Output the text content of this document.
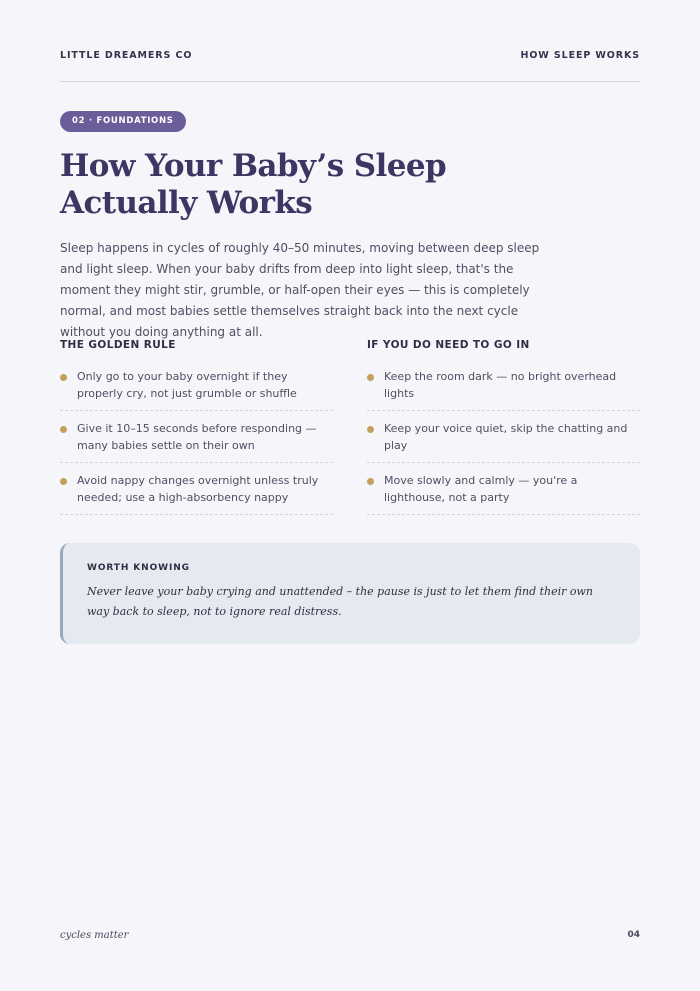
LITTLE DREAMERS CO	HOW SLEEP WORKS
02 · FOUNDATIONS
How Your Baby’s Sleep Actually Works

Sleep happens in cycles of roughly 40–50 minutes, moving between deep sleep and light sleep. When your baby drifts from deep into light sleep, that's the moment they might stir, grumble, or half-open their eyes — this is completely normal, and most babies settle themselves straight back into the next cycle without you doing anything at all.

THE GOLDEN RULE
Only go to your baby overnight if they properly cry, not just grumble or shuffle
Give it 10–15 seconds before responding — many babies settle on their own
Avoid nappy changes overnight unless truly needed; use a high-absorbency nappy
IF YOU DO NEED TO GO IN
Keep the room dark — no bright overhead lights
Keep your voice quiet, skip the chatting and play
Move slowly and calmly — you're a lighthouse, not a party
WORTH KNOWING
Never leave your baby crying and unattended – the pause is just to let them find their own way back to sleep, not to ignore real distress.
cycles matter	04
